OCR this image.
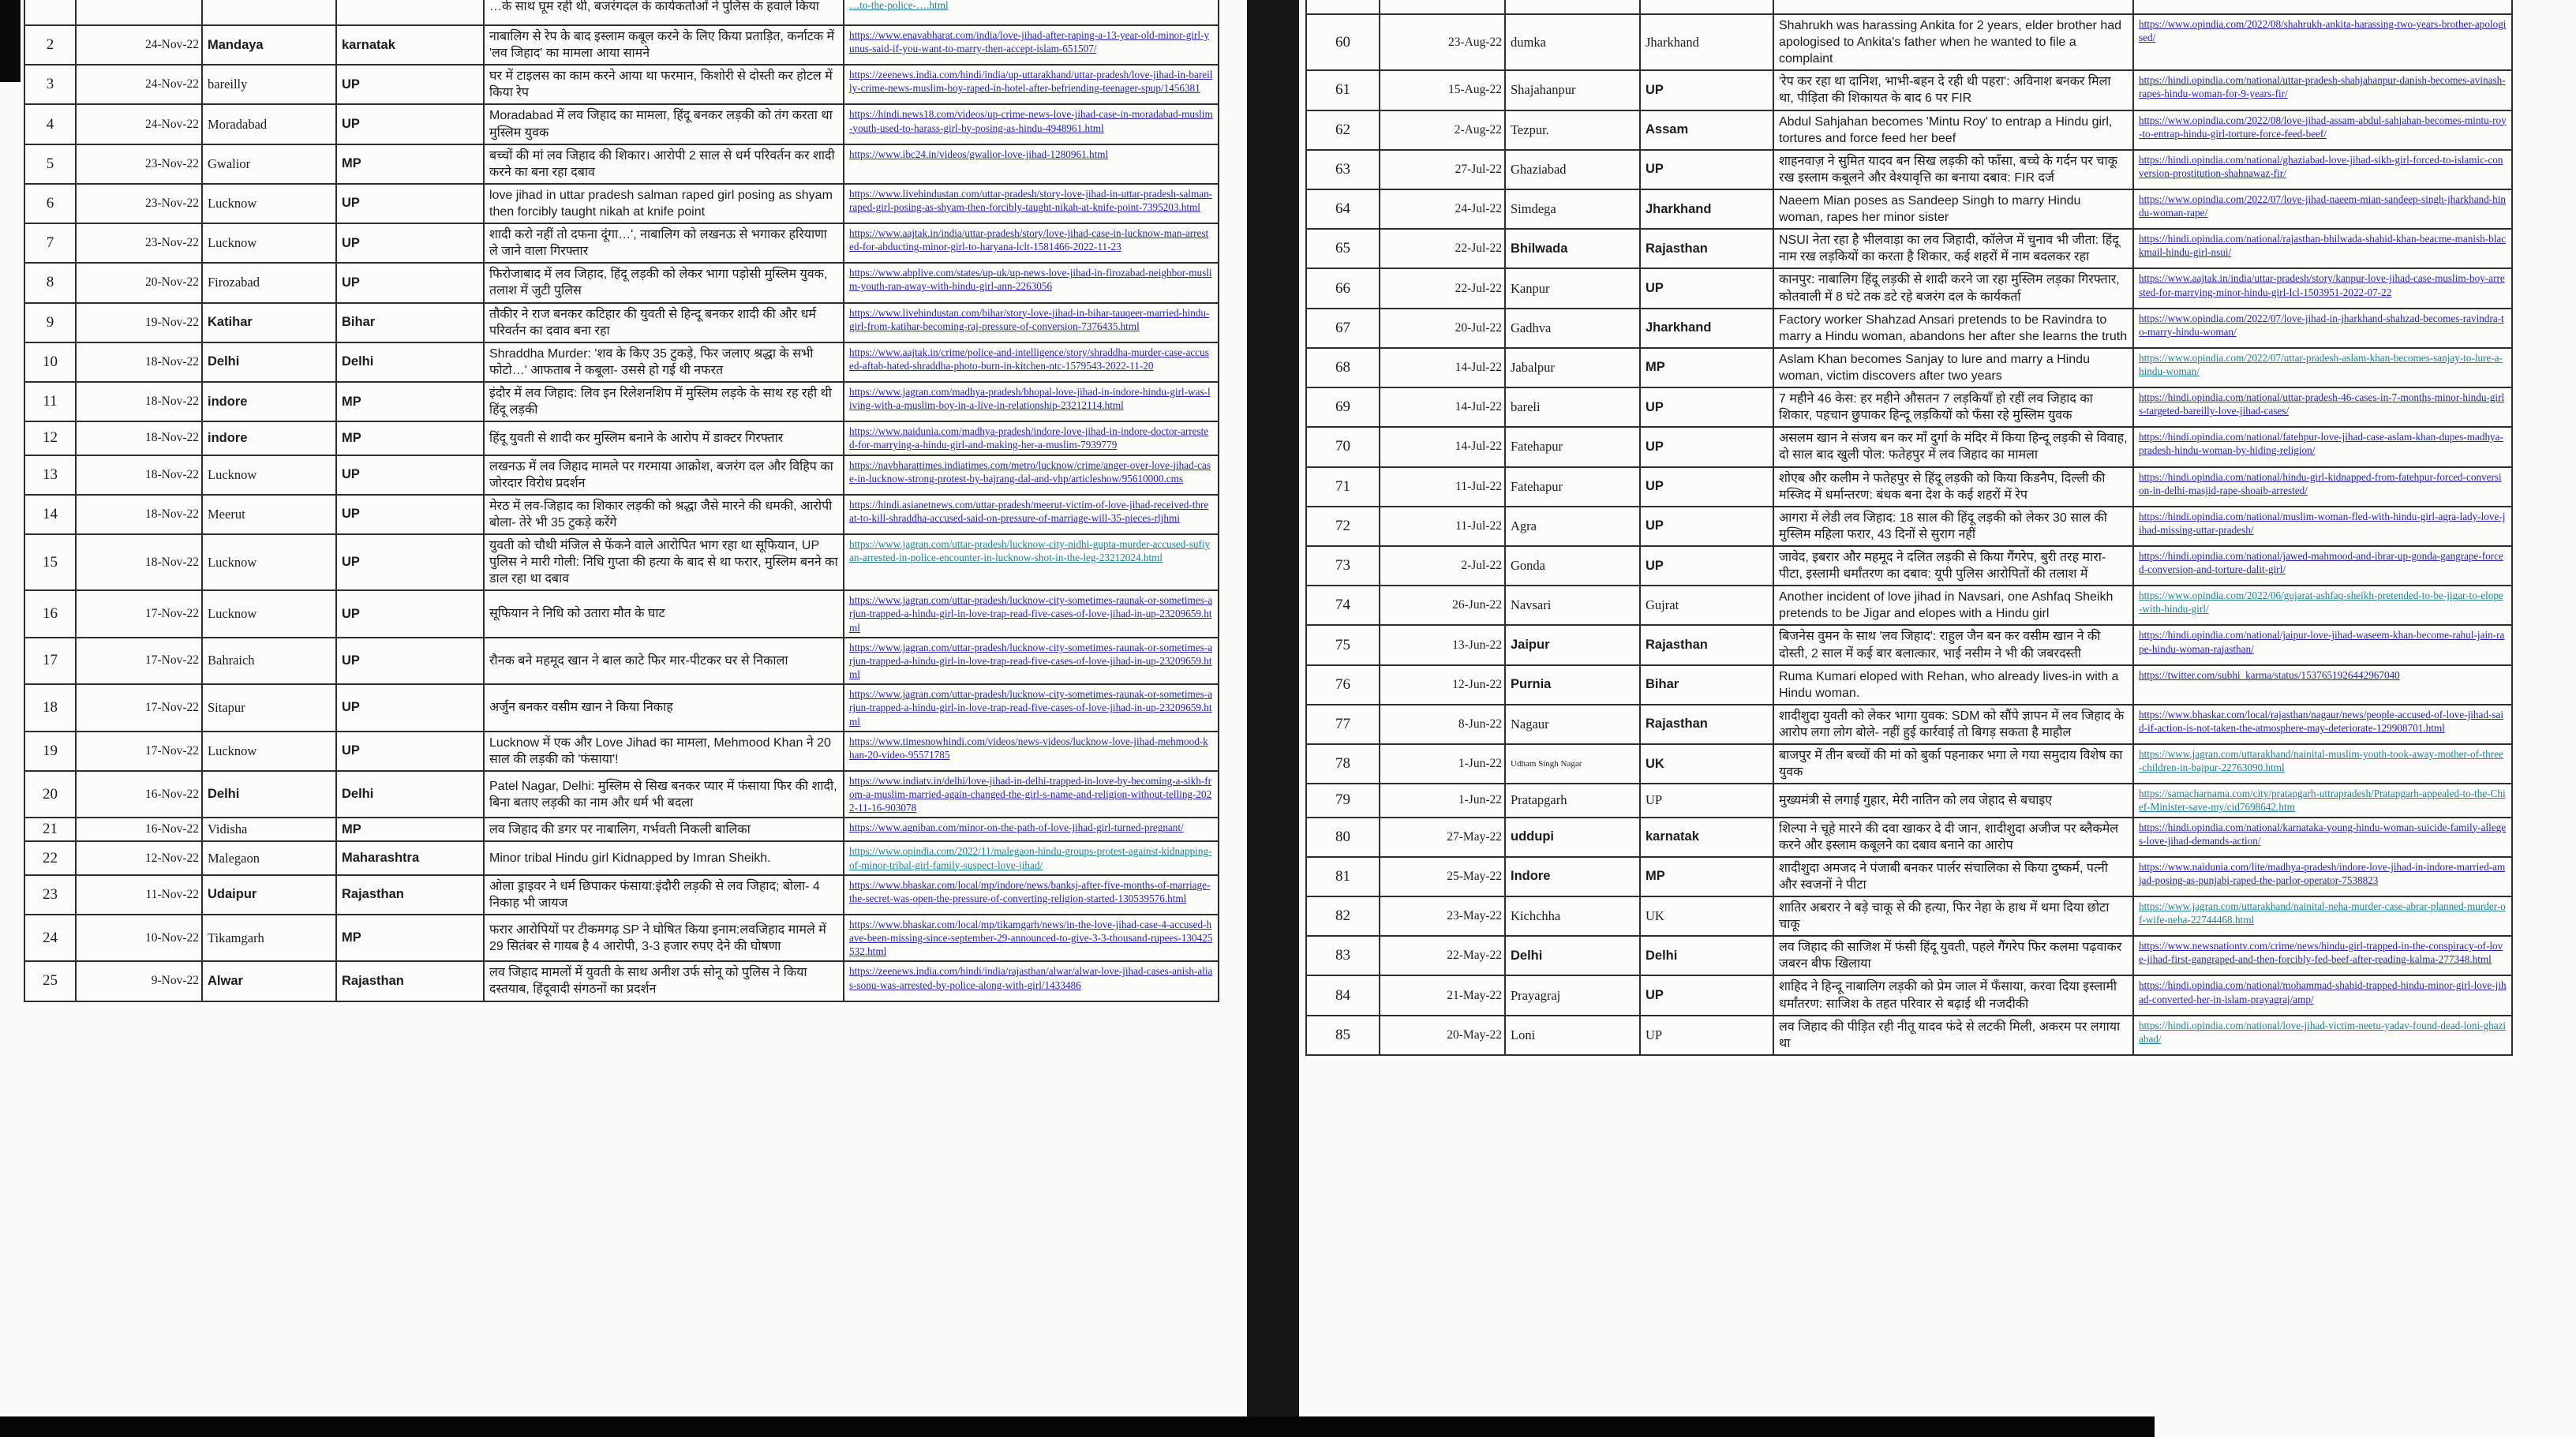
				…के साथ घूम रही थी, बजरंगदल के कार्यकर्ताओं ने पुलिस के हवाले किया	…to-the-police-….html
2	24-Nov-22	Mandaya	karnatak	नाबालिग से रेप के बाद इस्लाम कबूल करने के लिए किया प्रताड़ित, कर्नाटक में 'लव जिहाद' का मामला आया सामने	https://www.enavabharat.com/india/love-jihad-after-raping-a-13-year-old-minor-girl-yunus-said-if-you-want-to-marry-then-accept-islam-651507/
3	24-Nov-22	bareilly	UP	घर में टाइलस का काम करने आया था फरमान, किशोरी से दोस्ती कर होटल में किया रेप	https://zeenews.india.com/hindi/india/up-uttarakhand/uttar-pradesh/love-jihad-in-bareilly-crime-news-muslim-boy-raped-in-hotel-after-befriending-teenager-spup/1456381
4	24-Nov-22	Moradabad	UP	Moradabad में लव जिहाद का मामला, हिंदू बनकर लड़की को तंग करता था मुस्लिम युवक	https://hindi.news18.com/videos/up-crime-news-love-jihad-case-in-moradabad-muslim-youth-used-to-harass-girl-by-posing-as-hindu-4948961.html
5	23-Nov-22	Gwalior	MP	बच्चों की मां लव जिहाद की शिकार। आरोपी 2 साल से धर्म परिवर्तन कर शादी करने का बना रहा दबाव	https://www.ibc24.in/videos/gwalior-love-jihad-1280961.html
6	23-Nov-22	Lucknow	UP	love jihad in uttar pradesh salman raped girl posing as shyam then forcibly taught nikah at knife point	https://www.livehindustan.com/uttar-pradesh/story-love-jihad-in-uttar-pradesh-salman-raped-girl-posing-as-shyam-then-forcibly-taught-nikah-at-knife-point-7395203.html
7	23-Nov-22	Lucknow	UP	शादी करो नहीं तो दफना दूंगा…', नाबालिग को लखनऊ से भगाकर हरियाणा ले जाने वाला गिरफ्तार	https://www.aajtak.in/india/uttar-pradesh/story/love-jihad-case-in-lucknow-man-arrested-for-abducting-minor-girl-to-haryana-lclt-1581466-2022-11-23
8	20-Nov-22	Firozabad	UP	फिरोजाबाद में लव जिहाद, हिंदू लड़की को लेकर भागा पड़ोसी मुस्लिम युवक, तलाश में जुटी पुलिस	https://www.abplive.com/states/up-uk/up-news-love-jihad-in-firozabad-neighbor-muslim-youth-ran-away-with-hindu-girl-ann-2263056
9	19-Nov-22	Katihar	Bihar	तौकीर ने राज बनकर कटिहार की युवती से हिन्दू बनकर शादी की और धर्म परिवर्तन का दवाव बना रहा	https://www.livehindustan.com/bihar/story-love-jihad-in-bihar-tauqeer-married-hindu-girl-from-katihar-becoming-raj-pressure-of-conversion-7376435.html
10	18-Nov-22	Delhi	Delhi	Shraddha Murder: 'शव के किए 35 टुकड़े, फिर जलाए श्रद्धा के सभी फोटो…' आफताब ने कबूला- उससे हो गई थी नफरत	https://www.aajtak.in/crime/police-and-intelligence/story/shraddha-murder-case-accused-aftab-hated-shraddha-photo-burn-in-kitchen-ntc-1579543-2022-11-20
11	18-Nov-22	indore	MP	इंदौर में लव जिहाद: लिव इन रिलेशनशिप में मुस्लिम लड़के के साथ रह रही थी हिंदू लड़की	https://www.jagran.com/madhya-pradesh/bhopal-love-jihad-in-indore-hindu-girl-was-living-with-a-muslim-boy-in-a-live-in-relationship-23212114.html
12	18-Nov-22	indore	MP	हिंदू युवती से शादी कर मुस्लिम बनाने के आरोप में डाक्टर गिरफ्तार	https://www.naidunia.com/madhya-pradesh/indore-love-jihad-in-indore-doctor-arrested-for-marrying-a-hindu-girl-and-making-her-a-muslim-7939779
13	18-Nov-22	Lucknow	UP	लखनऊ में लव जिहाद मामले पर गरमाया आक्रोश, बजरंग दल और विहिप का जोरदार विरोध प्रदर्शन	https://navbharattimes.indiatimes.com/metro/lucknow/crime/anger-over-love-jihad-case-in-lucknow-strong-protest-by-bajrang-dal-and-vhp/articleshow/95610000.cms
14	18-Nov-22	Meerut	UP	मेरठ में लव-जिहाद का शिकार लड़की को श्रद्धा जैसे मारने की धमकी, आरोपी बोला- तेरे भी 35 टुकड़े करेंगे	https://hindi.asianetnews.com/uttar-pradesh/meerut-victim-of-love-jihad-received-threat-to-kill-shraddha-accused-said-on-pressure-of-marriage-will-35-pieces-rljhmi
15	18-Nov-22	Lucknow	UP	युवती को चौथी मंजिल से फेंकने वाले आरोपित भाग रहा था सूफियान, UP पुलिस ने मारी गोली: निधि गुप्ता की हत्या के बाद से था फरार, मुस्लिम बनने का डाल रहा था दबाव	https://www.jagran.com/uttar-pradesh/lucknow-city-nidhi-gupta-murder-accused-sufiyan-arrested-in-police-encounter-in-lucknow-shot-in-the-leg-23212024.html
16	17-Nov-22	Lucknow	UP	सूफियान ने निधि को उतारा मौत के घाट	https://www.jagran.com/uttar-pradesh/lucknow-city-sometimes-raunak-or-sometimes-arjun-trapped-a-hindu-girl-in-love-trap-read-five-cases-of-love-jihad-in-up-23209659.html
17	17-Nov-22	Bahraich	UP	रौनक बने महमूद खान ने बाल काटे फिर मार-पीटकर घर से निकाला	https://www.jagran.com/uttar-pradesh/lucknow-city-sometimes-raunak-or-sometimes-arjun-trapped-a-hindu-girl-in-love-trap-read-five-cases-of-love-jihad-in-up-23209659.html
18	17-Nov-22	Sitapur	UP	अर्जुन बनकर वसीम खान ने किया निकाह	https://www.jagran.com/uttar-pradesh/lucknow-city-sometimes-raunak-or-sometimes-arjun-trapped-a-hindu-girl-in-love-trap-read-five-cases-of-love-jihad-in-up-23209659.html
19	17-Nov-22	Lucknow	UP	Lucknow में एक और Love Jihad का मामला, Mehmood Khan ने 20 साल की लड़की को 'फंसाया'!	https://www.timesnowhindi.com/videos/news-videos/lucknow-love-jihad-mehmood-khan-20-video-95571785
20	16-Nov-22	Delhi	Delhi	Patel Nagar, Delhi: मुस्लिम से सिख बनकर प्यार में फंसाया फिर की शादी, बिना बताए लड़की का नाम और धर्म भी बदला	https://www.indiatv.in/delhi/love-jihad-in-delhi-trapped-in-love-by-becoming-a-sikh-from-a-muslim-married-again-changed-the-girl-s-name-and-religion-without-telling-2022-11-16-903078
21	16-Nov-22	Vidisha	MP	लव जिहाद की डगर पर नाबालिग, गर्भवती निकली बालिका	https://www.agniban.com/minor-on-the-path-of-love-jihad-girl-turned-pregnant/
22	12-Nov-22	Malegaon	Maharashtra	Minor tribal Hindu girl Kidnapped by Imran Sheikh.	https://www.opindia.com/2022/11/malegaon-hindu-groups-protest-against-kidnapping-of-minor-tribal-girl-family-suspect-love-jihad/
23	11-Nov-22	Udaipur	Rajasthan	ओला ड्राइवर ने धर्म छिपाकर फंसाया:इंदौरी लड़की से लव जिहाद; बोला- 4 निकाह भी जायज	https://www.bhaskar.com/local/mp/indore/news/banksj-after-five-months-of-marriage-the-secret-was-open-the-pressure-of-converting-religion-started-130539576.html
24	10-Nov-22	Tikamgarh	MP	फरार आरोपियों पर टीकमगढ़ SP ने घोषित किया इनाम:लवजिहाद मामले में 29 सितंबर से गायब है 4 आरोपी, 3-3 हजार रुपए देने की घोषणा	https://www.bhaskar.com/local/mp/tikamgarh/news/in-the-love-jihad-case-4-accused-have-been-missing-since-september-29-announced-to-give-3-3-thousand-rupees-130425532.html
25	9-Nov-22	Alwar	Rajasthan	लव जिहाद मामलों में युवती के साथ अनीश उर्फ सोनू को पुलिस ने किया दस्तयाब, हिंदूवादी संगठनों का प्रदर्शन	https://zeenews.india.com/hindi/india/rajasthan/alwar/alwar-love-jihad-cases-anish-alias-sonu-was-arrested-by-police-along-with-girl/1433486

60	23-Aug-22	dumka	Jharkhand	Shahrukh was harassing Ankita for 2 years, elder brother had apologised to Ankita's father when he wanted to file a complaint	https://www.opindia.com/2022/08/shahrukh-ankita-harassing-two-years-brother-apologised/
61	15-Aug-22	Shajahanpur	UP	'रेप कर रहा था दानिश, भाभी-बहन दे रही थी पहरा': अविनाश बनकर मिला था, पीड़िता की शिकायत के बाद 6 पर FIR	https://hindi.opindia.com/national/uttar-pradesh-shahjahanpur-danish-becomes-avinash-rapes-hindu-woman-for-9-years-fir/
62	2-Aug-22	Tezpur.	Assam	Abdul Sahjahan becomes 'Mintu Roy' to entrap a Hindu girl, tortures and force feed her beef	https://www.opindia.com/2022/08/love-jihad-assam-abdul-sahjahan-becomes-mintu-roy-to-entrap-hindu-girl-torture-force-feed-beef/
63	27-Jul-22	Ghaziabad	UP	शाहनवाज़ ने सुमित यादव बन सिख लड़की को फाँसा, बच्चे के गर्दन पर चाकू रख इस्लाम कबूलने और वेश्यावृत्ति का बनाया दबाव: FIR दर्ज	https://hindi.opindia.com/national/ghaziabad-love-jihad-sikh-girl-forced-to-islamic-conversion-prostitution-shahnawaz-fir/
64	24-Jul-22	Simdega	Jharkhand	Naeem Mian poses as Sandeep Singh to marry Hindu woman, rapes her minor sister	https://www.opindia.com/2022/07/love-jihad-naeem-mian-sandeep-singh-jharkhand-hindu-woman-rape/
65	22-Jul-22	Bhilwada	Rajasthan	NSUI नेता रहा है भीलवाड़ा का लव जिहादी, कॉलेज में चुनाव भी जीता: हिंदू नाम रख लड़कियों का करता है शिकार, कई शहरों में नाम बदलकर रहा	https://hindi.opindia.com/national/rajasthan-bhilwada-shahid-khan-beacme-manish-blackmail-hindu-girl-nsui/
66	22-Jul-22	Kanpur	UP	कानपुर: नाबालिग हिंदू लड़की से शादी करने जा रहा मुस्लिम लड़का गिरफ्तार, कोतवाली में 8 घंटे तक डटे रहे बजरंग दल के कार्यकर्ता	https://www.aajtak.in/india/uttar-pradesh/story/kanpur-love-jihad-case-muslim-boy-arrested-for-marrying-minor-hindu-girl-lcl-1503951-2022-07-22
67	20-Jul-22	Gadhva	Jharkhand	Factory worker Shahzad Ansari pretends to be Ravindra to marry a Hindu woman, abandons her after she learns the truth	https://www.opindia.com/2022/07/love-jihad-in-jharkhand-shahzad-becomes-ravindra-to-marry-hindu-woman/
68	14-Jul-22	Jabalpur	MP	Aslam Khan becomes Sanjay to lure and marry a Hindu woman, victim discovers after two years	https://www.opindia.com/2022/07/uttar-pradesh-aslam-khan-becomes-sanjay-to-lure-a-hindu-woman/
69	14-Jul-22	bareli	UP	7 महीने 46 केस: हर महीने औसतन 7 लड़कियाँ हो रहीं लव जिहाद का शिकार, पहचान छुपाकर हिन्दू लड़कियों को फँसा रहे मुस्लिम युवक	https://hindi.opindia.com/national/uttar-pradesh-46-cases-in-7-months-minor-hindu-girls-targeted-bareilly-love-jihad-cases/
70	14-Jul-22	Fatehapur	UP	असलम खान ने संजय बन कर माँ दुर्गा के मंदिर में किया हिन्दू लड़की से विवाह, दो साल बाद खुली पोल: फतेहपुर में लव जिहाद का मामला	https://hindi.opindia.com/national/fatehpur-love-jihad-case-aslam-khan-dupes-madhya-pradesh-hindu-woman-by-hiding-religion/
71	11-Jul-22	Fatehapur	UP	शोएब और कलीम ने फतेहपुर से हिंदू लड़की को किया किडनैप, दिल्ली की मस्जिद में धर्मान्तरण: बंधक बना देश के कई शहरों में रेप	https://hindi.opindia.com/national/hindu-girl-kidnapped-from-fatehpur-forced-conversion-in-delhi-masjid-rape-shoaib-arrested/
72	11-Jul-22	Agra	UP	आगरा में लेडी लव जिहाद: 18 साल की हिंदू लड़की को लेकर 30 साल की मुस्लिम महिला फरार, 43 दिनों से सुराग नहीं	https://hindi.opindia.com/national/muslim-woman-fled-with-hindu-girl-agra-lady-love-jihad-missing-uttar-pradesh/
73	2-Jul-22	Gonda	UP	जावेद, इबरार और महमूद ने दलित लड़की से किया गैंगरेप, बुरी तरह मारा-पीटा, इस्लामी धर्मांतरण का दबाव: यूपी पुलिस आरोपितों की तलाश में	https://hindi.opindia.com/national/jawed-mahmood-and-ibrar-up-gonda-gangrape-forced-conversion-and-torture-dalit-girl/
74	26-Jun-22	Navsari	Gujrat	Another incident of love jihad in Navsari, one Ashfaq Sheikh pretends to be Jigar and elopes with a Hindu girl	https://www.opindia.com/2022/06/gujarat-ashfaq-sheikh-pretended-to-be-jigar-to-elope-with-hindu-girl/
75	13-Jun-22	Jaipur	Rajasthan	बिजनेस वुमन के साथ 'लव जिहाद': राहुल जैन बन कर वसीम खान ने की दोस्ती, 2 साल में कई बार बलात्कार, भाई नसीम ने भी की जबरदस्ती	https://hindi.opindia.com/national/jaipur-love-jihad-waseem-khan-become-rahul-jain-rape-hindu-woman-rajasthan/
76	12-Jun-22	Purnia	Bihar	Ruma Kumari eloped with Rehan, who already lives-in with a Hindu woman.	https://twitter.com/subhi_karma/status/1537651926442967040
77	8-Jun-22	Nagaur	Rajasthan	शादीशुदा युवती को लेकर भागा युवक: SDM को सौंपे ज्ञापन में लव जिहाद के आरोप लगा लोग बोले- नहीं हुई कार्रवाई तो बिगड़ सकता है माहौल	https://www.bhaskar.com/local/rajasthan/nagaur/news/people-accused-of-love-jihad-said-if-action-is-not-taken-the-atmosphere-may-deteriorate-129908701.html
78	1-Jun-22	Udham Singh Nagar	UK	बाजपुर में तीन बच्चों की मां को बुर्का पहनाकर भगा ले गया समुदाय विशेष का युवक	https://www.jagran.com/uttarakhand/nainital-muslim-youth-took-away-mother-of-three-children-in-bajpur-22763090.html
79	1-Jun-22	Pratapgarh	UP	मुख्यमंत्री से लगाई गुहार, मेरी नातिन को लव जेहाद से बचाइए	https://samacharnama.com/city/pratapgarh-uttrapradesh/Pratapgarh-appealed-to-the-Chief-Minister-save-my/cid7698642.htm
80	27-May-22	uddupi	karnatak	शिल्पा ने चूहे मारने की दवा खाकर दे दी जान, शादीशुदा अजीज पर ब्लैकमेल करने और इस्लाम कबूलने का दबाव बनाने का आरोप	https://hindi.opindia.com/national/karnataka-young-hindu-woman-suicide-family-alleges-love-jihad-demands-action/
81	25-May-22	Indore	MP	शादीशुदा अमजद ने पंजाबी बनकर पार्लर संचालिका से किया दुष्कर्म, पत्नी और स्वजनों ने पीटा	https://www.naidunia.com/lite/madhya-pradesh/indore-love-jihad-in-indore-married-amjad-posing-as-punjabi-raped-the-parlor-operator-7538823
82	23-May-22	Kichchha	UK	शातिर अबरार ने बड़े चाकू से की हत्या, फिर नेहा के हाथ में थमा दिया छोटा चाकू	https://www.jagran.com/uttarakhand/nainital-neha-murder-case-abrar-planned-murder-of-wife-neha-22744468.html
83	22-May-22	Delhi	Delhi	लव जिहाद की साजिश में फंसी हिंदू युवती, पहले गैंगरेप फिर कलमा पढ़वाकर जबरन बीफ खिलाया	https://www.newsnationtv.com/crime/news/hindu-girl-trapped-in-the-conspiracy-of-love-jihad-first-gangraped-and-then-forcibly-fed-beef-after-reading-kalma-277348.html
84	21-May-22	Prayagraj	UP	शाहिद ने हिन्दू नाबालिग लड़की को प्रेम जाल में फँसाया, करवा दिया इस्लामी धर्मांतरण: साजिश के तहत परिवार से बढ़ाई थी नजदीकी	https://hindi.opindia.com/national/mohammad-shahid-trapped-hindu-minor-girl-love-jihad-converted-her-in-islam-prayagraj/amp/
85	20-May-22	Loni	UP	लव जिहाद की पीड़ित रही नीतू यादव फंदे से लटकी मिली, अकरम पर लगाया था	https://hindi.opindia.com/national/love-jihad-victim-neetu-yadav-found-dead-loni-ghaziabad/
